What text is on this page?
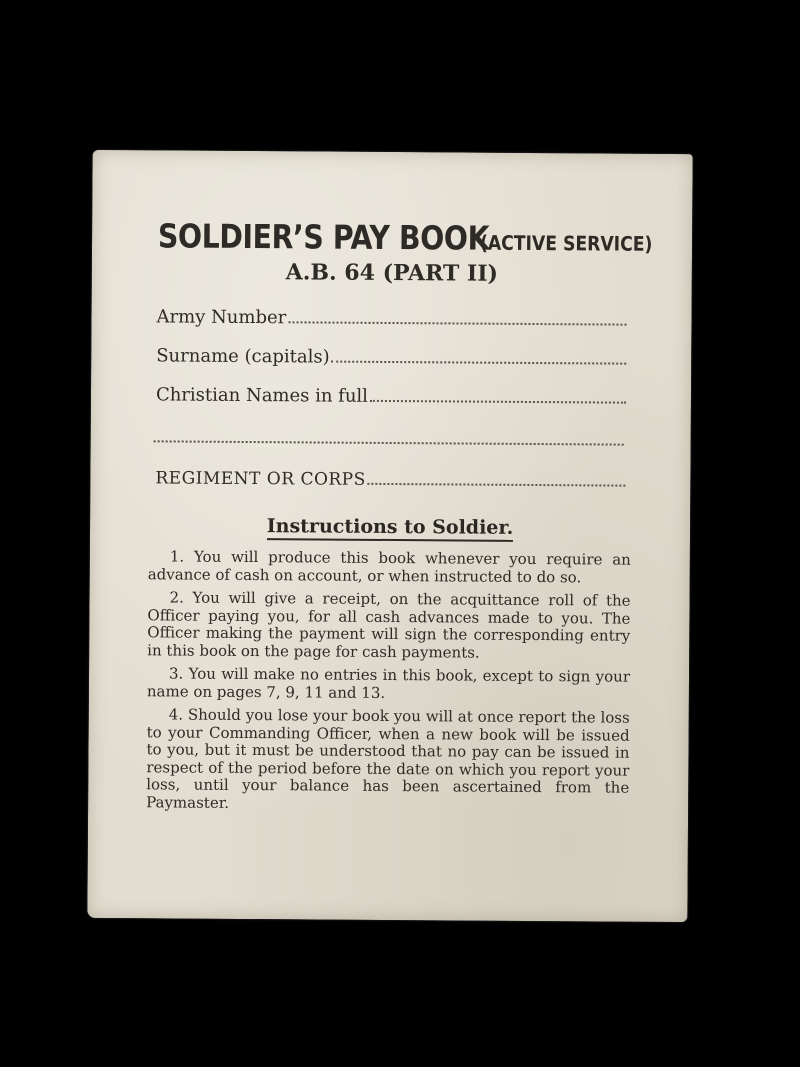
SOLDIER’S PAY BOOK (ACTIVE SERVICE)
A.B. 64 (PART II)
Army Number
Surname (capitals)
Christian Names in full
REGIMENT OR CORPS
Instructions to Soldier.

1. You will produce this book whenever you require an advance of cash on account, or when instructed to do so.

2. You will give a receipt, on the acquittance roll of the Officer paying you, for all cash advances made to you. The Officer making the payment will sign the corresponding entry in this book on the page for cash payments.

3. You will make no entries in this book, except to sign your name on pages 7, 9, 11 and 13.

4. Should you lose your book you will at once report the loss to your Commanding Officer, when a new book will be issued to you, but it must be understood that no pay can be issued in respect of the period before the date on which you report your loss, until your balance has been ascertained from the Paymaster.
